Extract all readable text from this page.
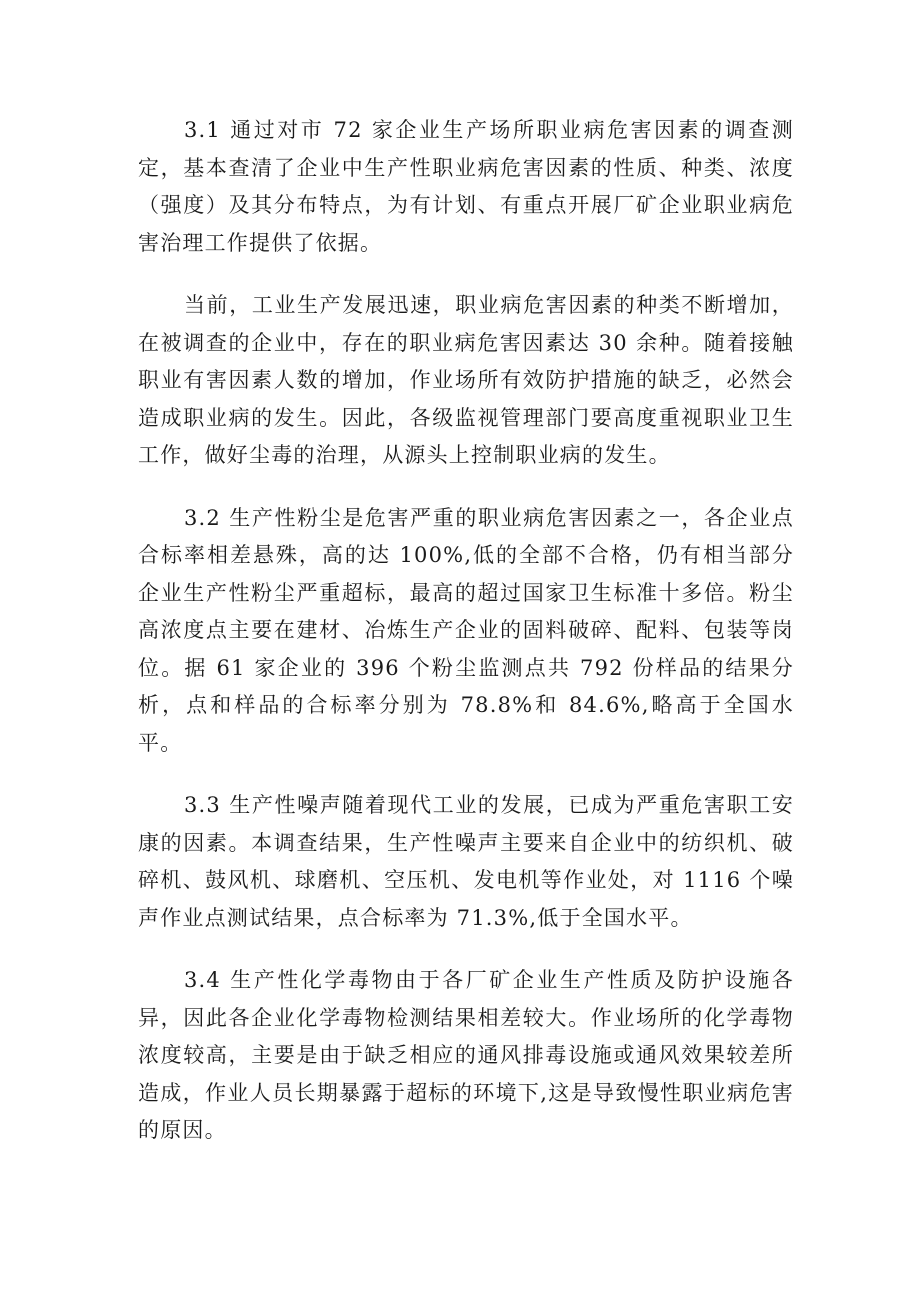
3.1 通过对市 72 家企业生产场所职业病危害因素的调查测定，基本查清了企业中生产性职业病危害因素的性质、种类、浓度（强度）及其分布特点，为有计划、有重点开展厂矿企业职业病危害治理工作提供了依据。

当前，工业生产发展迅速，职业病危害因素的种类不断增加，在被调查的企业中，存在的职业病危害因素达 30 余种。随着接触职业有害因素人数的增加，作业场所有效防护措施的缺乏，必然会造成职业病的发生。因此，各级监视管理部门要高度重视职业卫生工作，做好尘毒的治理，从源头上控制职业病的发生。

3.2 生产性粉尘是危害严重的职业病危害因素之一，各企业点合标率相差悬殊，高的达 100%,低的全部不合格，仍有相当部分企业生产性粉尘严重超标，最高的超过国家卫生标准十多倍。粉尘高浓度点主要在建材、冶炼生产企业的固料破碎、配料、包装等岗位。据 61 家企业的 396 个粉尘监测点共 792 份样品的结果分析，点和样品的合标率分别为 78.8%和 84.6%,略高于全国水平。

3.3 生产性噪声随着现代工业的发展，已成为严重危害职工安康的因素。本调查结果，生产性噪声主要来自企业中的纺织机、破碎机、鼓风机、球磨机、空压机、发电机等作业处，对 1116 个噪声作业点测试结果，点合标率为 71.3%,低于全国水平。

3.4 生产性化学毒物由于各厂矿企业生产性质及防护设施各异，因此各企业化学毒物检测结果相差较大。作业场所的化学毒物浓度较高，主要是由于缺乏相应的通风排毒设施或通风效果较差所造成，作业人员长期暴露于超标的环境下,这是导致慢性职业病危害的原因。
